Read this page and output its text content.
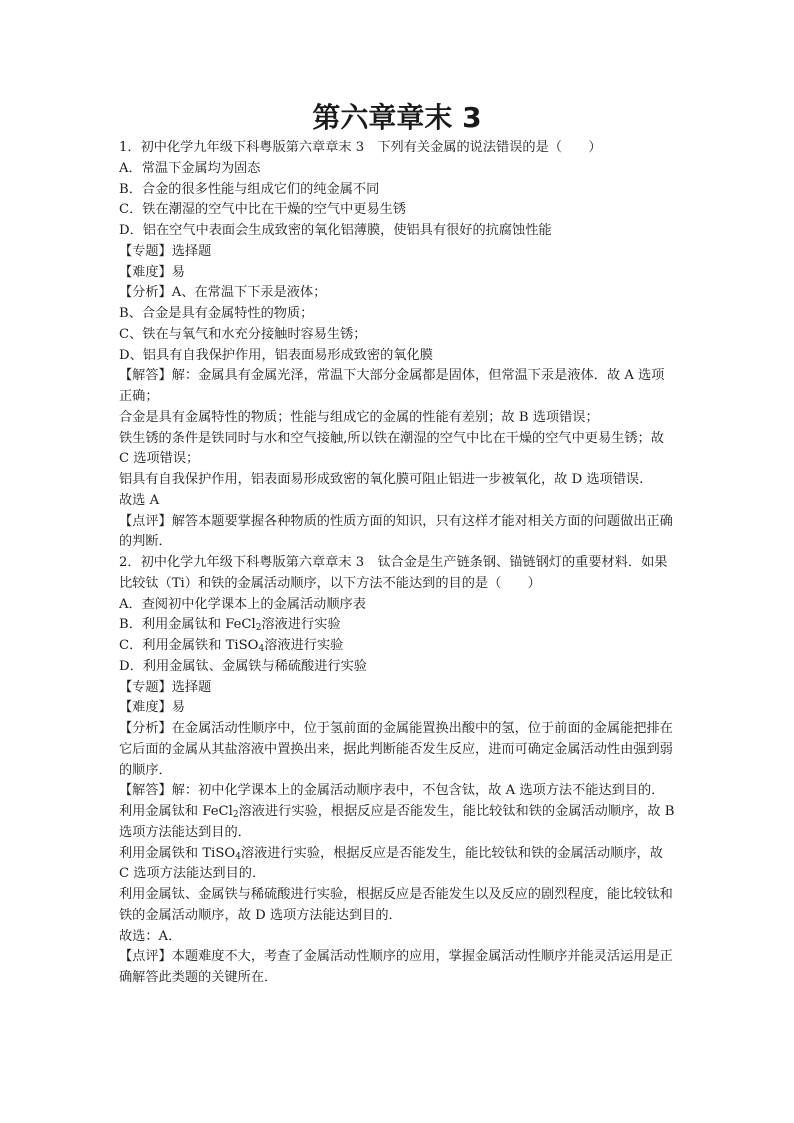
第六章章末 3

1．初中化学九年级下科粤版第六章章末 3　下列有关金属的说法错误的是（　　）

A．常温下金属均为固态

B．合金的很多性能与组成它们的纯金属不同

C．铁在潮湿的空气中比在干燥的空气中更易生锈

D．铝在空气中表面会生成致密的氧化铝薄膜，使铝具有很好的抗腐蚀性能

【专题】选择题

【难度】易

【分析】A、在常温下下汞是液体；

B、合金是具有金属特性的物质；

C、铁在与氧气和水充分接触时容易生锈；

D、铝具有自我保护作用，铝表面易形成致密的氧化膜

【解答】解：金属具有金属光泽，常温下大部分金属都是固体，但常温下汞是液体．故 A 选项正确；

合金是具有金属特性的物质；性能与组成它的金属的性能有差别；故 B 选项错误；

铁生锈的条件是铁同时与水和空气接触,所以铁在潮湿的空气中比在干燥的空气中更易生锈；故 C 选项错误；

铝具有自我保护作用，铝表面易形成致密的氧化膜可阻止铝进一步被氧化，故 D 选项错误.

故选 A

【点评】解答本题要掌握各种物质的性质方面的知识，只有这样才能对相关方面的问题做出正确的判断．

2．初中化学九年级下科粤版第六章章末 3　钛合金是生产链条钢、锚链钢灯的重要材料．如果比较钛（Ti）和铁的金属活动顺序，以下方法不能达到的目的是（　　）

A．查阅初中化学课本上的金属活动顺序表

B．利用金属钛和 FeCl$_2$溶液进行实验

C．利用金属铁和 TiSO$_4$溶液进行实验

D．利用金属钛、金属铁与稀硫酸进行实验

【专题】选择题

【难度】易

【分析】在金属活动性顺序中，位于氢前面的金属能置换出酸中的氢，位于前面的金属能把排在它后面的金属从其盐溶液中置换出来，据此判断能否发生反应，进而可确定金属活动性由强到弱的顺序．

【解答】解：初中化学课本上的金属活动顺序表中，不包含钛，故 A 选项方法不能达到目的．

利用金属钛和 FeCl$_2$溶液进行实验，根据反应是否能发生，能比较钛和铁的金属活动顺序，故 B 选项方法能达到目的．

利用金属铁和 TiSO$_4$溶液进行实验，根据反应是否能发生，能比较钛和铁的金属活动顺序，故 C 选项方法能达到目的．

利用金属钛、金属铁与稀硫酸进行实验，根据反应是否能发生以及反应的剧烈程度，能比较钛和铁的金属活动顺序，故 D 选项方法能达到目的．

故选：A．

【点评】本题难度不大，考查了金属活动性顺序的应用，掌握金属活动性顺序并能灵活运用是正确解答此类题的关键所在．
